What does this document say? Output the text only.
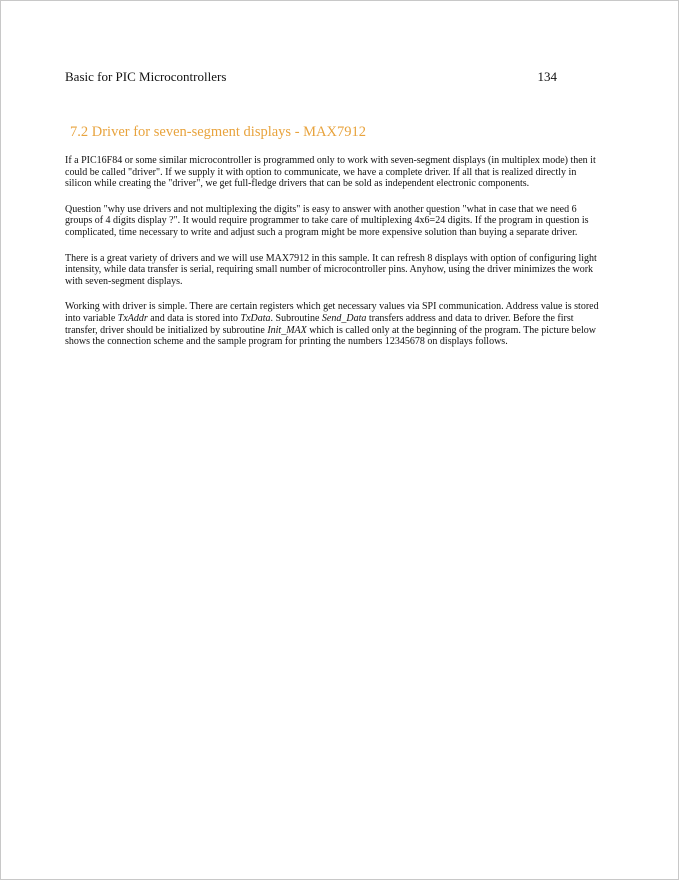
Basic for PIC Microcontrollers	134
7.2 Driver for seven-segment displays - MAX7912

If a PIC16F84 or some similar microcontroller is programmed only to work with seven-segment displays (in multiplex mode) then it
could be called "driver". If we supply it with option to communicate, we have a complete driver. If all that is realized directly in
silicon while creating the "driver", we get full-fledge drivers that can be sold as independent electronic components.

Question "why use drivers and not multiplexing the digits" is easy to answer with another question "what in case that we need 6
groups of 4 digits display ?". It would require programmer to take care of multiplexing 4x6=24 digits. If the program in question is
complicated, time necessary to write and adjust such a program might be more expensive solution than buying a separate driver.

There is a great variety of drivers and we will use MAX7912 in this sample. It can refresh 8 displays with option of configuring light
intensity, while data transfer is serial, requiring small number of microcontroller pins. Anyhow, using the driver minimizes the work
with seven-segment displays.

Working with driver is simple. There are certain registers which get necessary values via SPI communication. Address value is stored
into variable TxAddr and data is stored into TxData. Subroutine Send_Data transfers address and data to driver. Before the first
transfer, driver should be initialized by subroutine Init_MAX which is called only at the beginning of the program. The picture below
shows the connection scheme and the sample program for printing the numbers 12345678 on displays follows.
